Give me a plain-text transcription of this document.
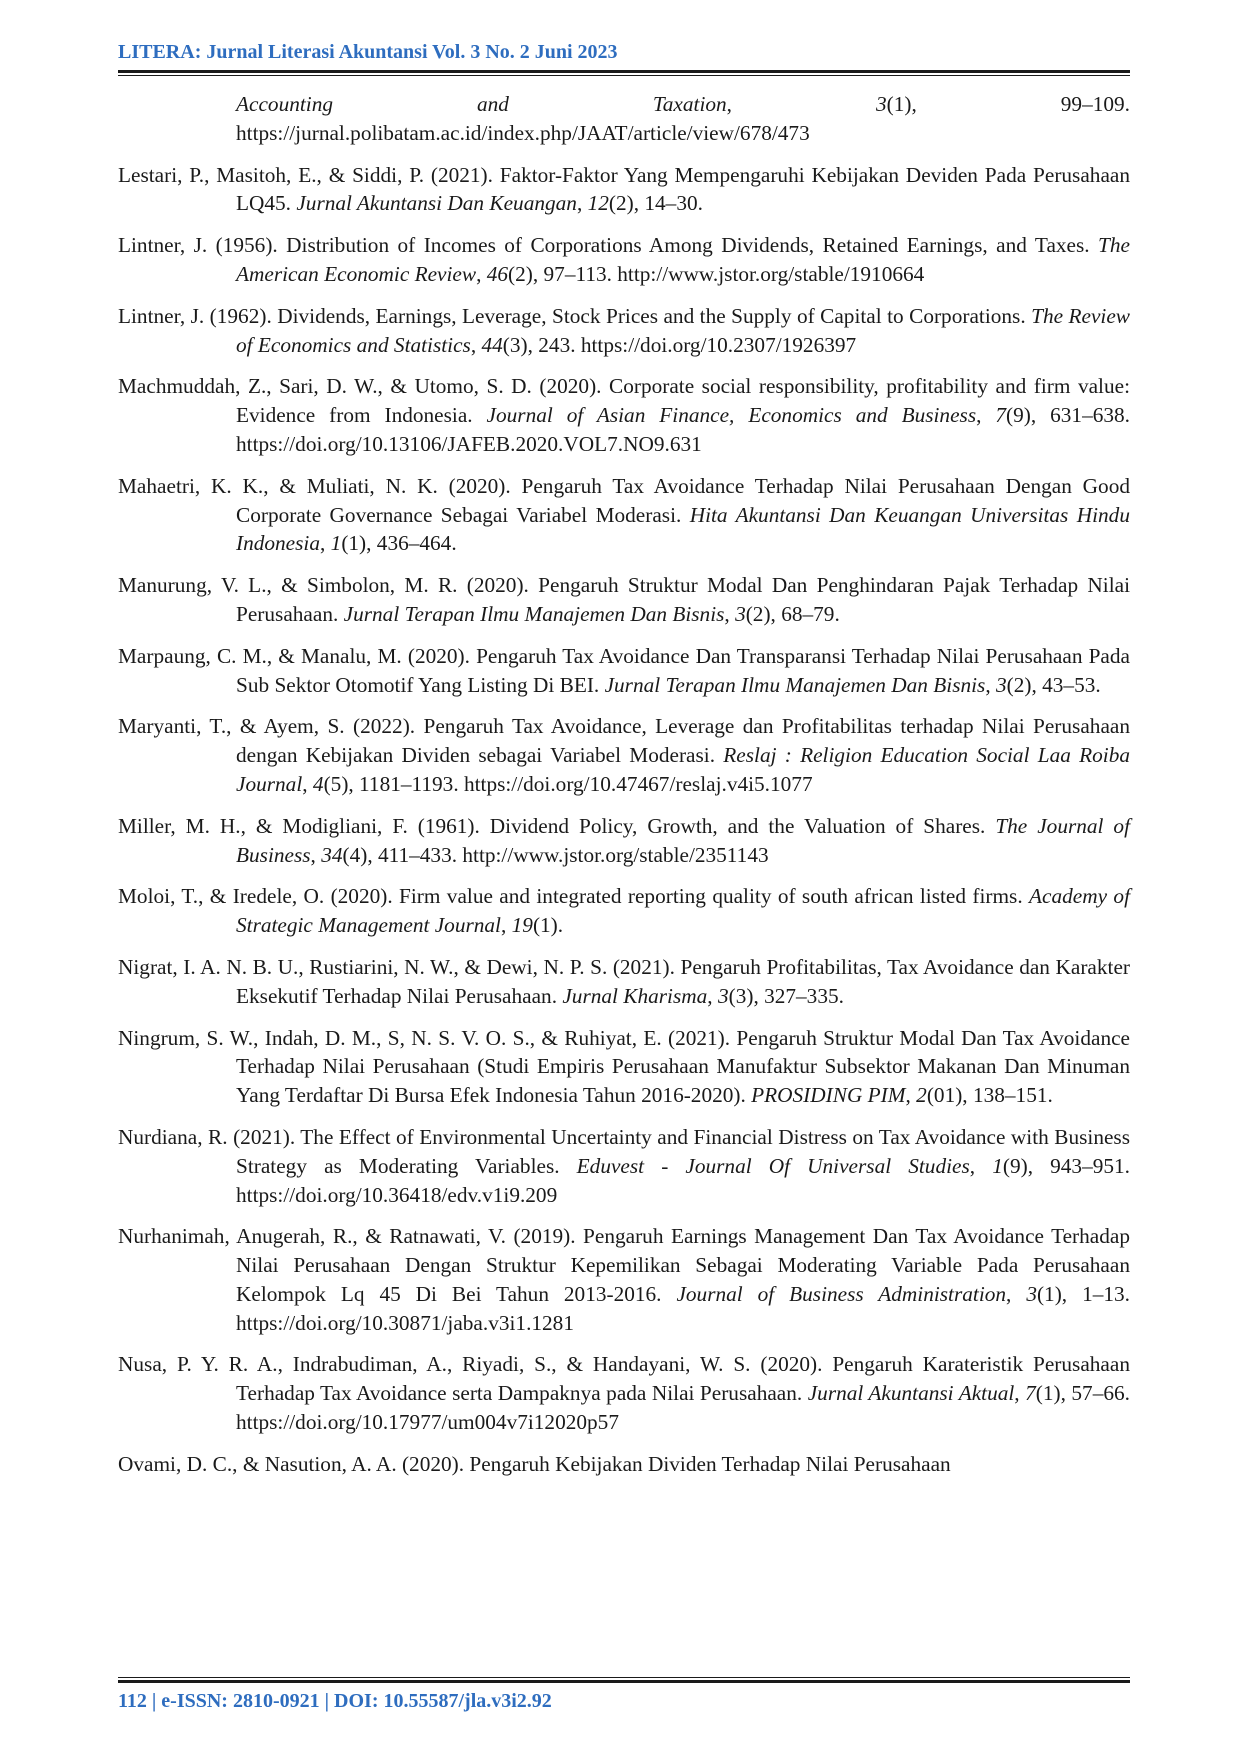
LITERA: Jurnal Literasi Akuntansi Vol. 3 No. 2 Juni 2023

Accounting and Taxation, 3(1), 99–109. https://jurnal.polibatam.ac.id/index.php/JAAT/article/view/678/473

Lestari, P., Masitoh, E., & Siddi, P. (2021). Faktor-Faktor Yang Mempengaruhi Kebijakan Deviden Pada Perusahaan LQ45. Jurnal Akuntansi Dan Keuangan, 12(2), 14–30.

Lintner, J. (1956). Distribution of Incomes of Corporations Among Dividends, Retained Earnings, and Taxes. The American Economic Review, 46(2), 97–113. http://www.jstor.org/stable/1910664

Lintner, J. (1962). Dividends, Earnings, Leverage, Stock Prices and the Supply of Capital to Corporations. The Review of Economics and Statistics, 44(3), 243. https://doi.org/10.2307/1926397

Machmuddah, Z., Sari, D. W., & Utomo, S. D. (2020). Corporate social responsibility, profitability and firm value: Evidence from Indonesia. Journal of Asian Finance, Economics and Business, 7(9), 631–638. https://doi.org/10.13106/JAFEB.2020.VOL7.NO9.631

Mahaetri, K. K., & Muliati, N. K. (2020). Pengaruh Tax Avoidance Terhadap Nilai Perusahaan Dengan Good Corporate Governance Sebagai Variabel Moderasi. Hita Akuntansi Dan Keuangan Universitas Hindu Indonesia, 1(1), 436–464.

Manurung, V. L., & Simbolon, M. R. (2020). Pengaruh Struktur Modal Dan Penghindaran Pajak Terhadap Nilai Perusahaan. Jurnal Terapan Ilmu Manajemen Dan Bisnis, 3(2), 68–79.

Marpaung, C. M., & Manalu, M. (2020). Pengaruh Tax Avoidance Dan Transparansi Terhadap Nilai Perusahaan Pada Sub Sektor Otomotif Yang Listing Di BEI. Jurnal Terapan Ilmu Manajemen Dan Bisnis, 3(2), 43–53.

Maryanti, T., & Ayem, S. (2022). Pengaruh Tax Avoidance, Leverage dan Profitabilitas terhadap Nilai Perusahaan dengan Kebijakan Dividen sebagai Variabel Moderasi. Reslaj : Religion Education Social Laa Roiba Journal, 4(5), 1181–1193. https://doi.org/10.47467/reslaj.v4i5.1077

Miller, M. H., & Modigliani, F. (1961). Dividend Policy, Growth, and the Valuation of Shares. The Journal of Business, 34(4), 411–433. http://www.jstor.org/stable/2351143

Moloi, T., & Iredele, O. (2020). Firm value and integrated reporting quality of south african listed firms. Academy of Strategic Management Journal, 19(1).

Nigrat, I. A. N. B. U., Rustiarini, N. W., & Dewi, N. P. S. (2021). Pengaruh Profitabilitas, Tax Avoidance dan Karakter Eksekutif Terhadap Nilai Perusahaan. Jurnal Kharisma, 3(3), 327–335.

Ningrum, S. W., Indah, D. M., S, N. S. V. O. S., & Ruhiyat, E. (2021). Pengaruh Struktur Modal Dan Tax Avoidance Terhadap Nilai Perusahaan (Studi Empiris Perusahaan Manufaktur Subsektor Makanan Dan Minuman Yang Terdaftar Di Bursa Efek Indonesia Tahun 2016-2020). PROSIDING PIM, 2(01), 138–151.

Nurdiana, R. (2021). The Effect of Environmental Uncertainty and Financial Distress on Tax Avoidance with Business Strategy as Moderating Variables. Eduvest - Journal Of Universal Studies, 1(9), 943–951. https://doi.org/10.36418/edv.v1i9.209

Nurhanimah, Anugerah, R., & Ratnawati, V. (2019). Pengaruh Earnings Management Dan Tax Avoidance Terhadap Nilai Perusahaan Dengan Struktur Kepemilikan Sebagai Moderating Variable Pada Perusahaan Kelompok Lq 45 Di Bei Tahun 2013-2016. Journal of Business Administration, 3(1), 1–13. https://doi.org/10.30871/jaba.v3i1.1281

Nusa, P. Y. R. A., Indrabudiman, A., Riyadi, S., & Handayani, W. S. (2020). Pengaruh Karateristik Perusahaan Terhadap Tax Avoidance serta Dampaknya pada Nilai Perusahaan. Jurnal Akuntansi Aktual, 7(1), 57–66. https://doi.org/10.17977/um004v7i12020p57

Ovami, D. C., & Nasution, A. A. (2020). Pengaruh Kebijakan Dividen Terhadap Nilai Perusahaan

112 | e-ISSN: 2810-0921 | DOI: 10.55587/jla.v3i2.92
